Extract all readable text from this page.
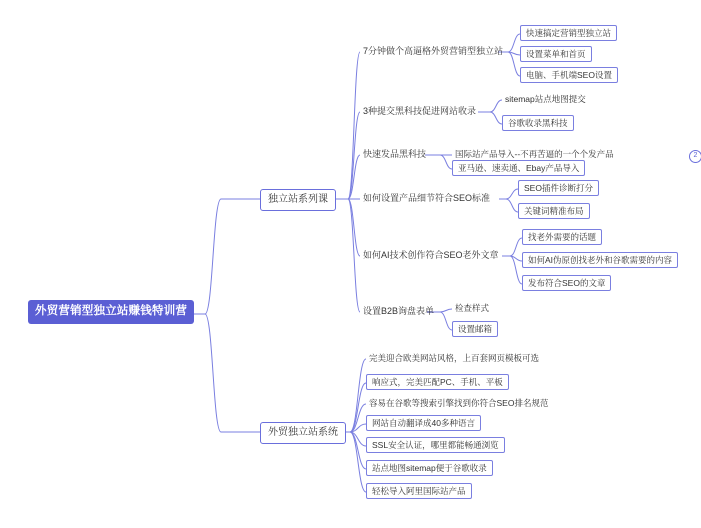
外贸营销型独立站赚钱特训营
独立站系列课
外贸独立站系统
7分钟做个高逼格外贸营销型独立站
3种提交黑科技促进网站收录
快速发品黑科技
如何设置产品细节符合SEO标准
如何AI技术创作符合SEO老外文章
设置B2B询盘表单
快速搞定营销型独立站
设置菜单和首页
电脑、手机端SEO设置
sitemap站点地图提交
谷歌收录黑科技
国际站产品导入--不再苦逼的一个个发产品
亚马逊、速卖通、Ebay产品导入
2
SEO插件诊断打分
关键词精准布局
找老外需要的话题
如何AI伪原创找老外和谷歌需要的内容
发布符合SEO的文章
检查样式
设置邮箱
完美迎合欧美网站风格，上百套网页模板可选
响应式，完美匹配PC、手机、平板
容易在谷歌等搜索引擎找到你符合SEO排名规范
网站自动翻译成40多种语言
SSL安全认证，哪里都能畅通浏览
站点地图sitemap便于谷歌收录
轻松导入阿里国际站产品
